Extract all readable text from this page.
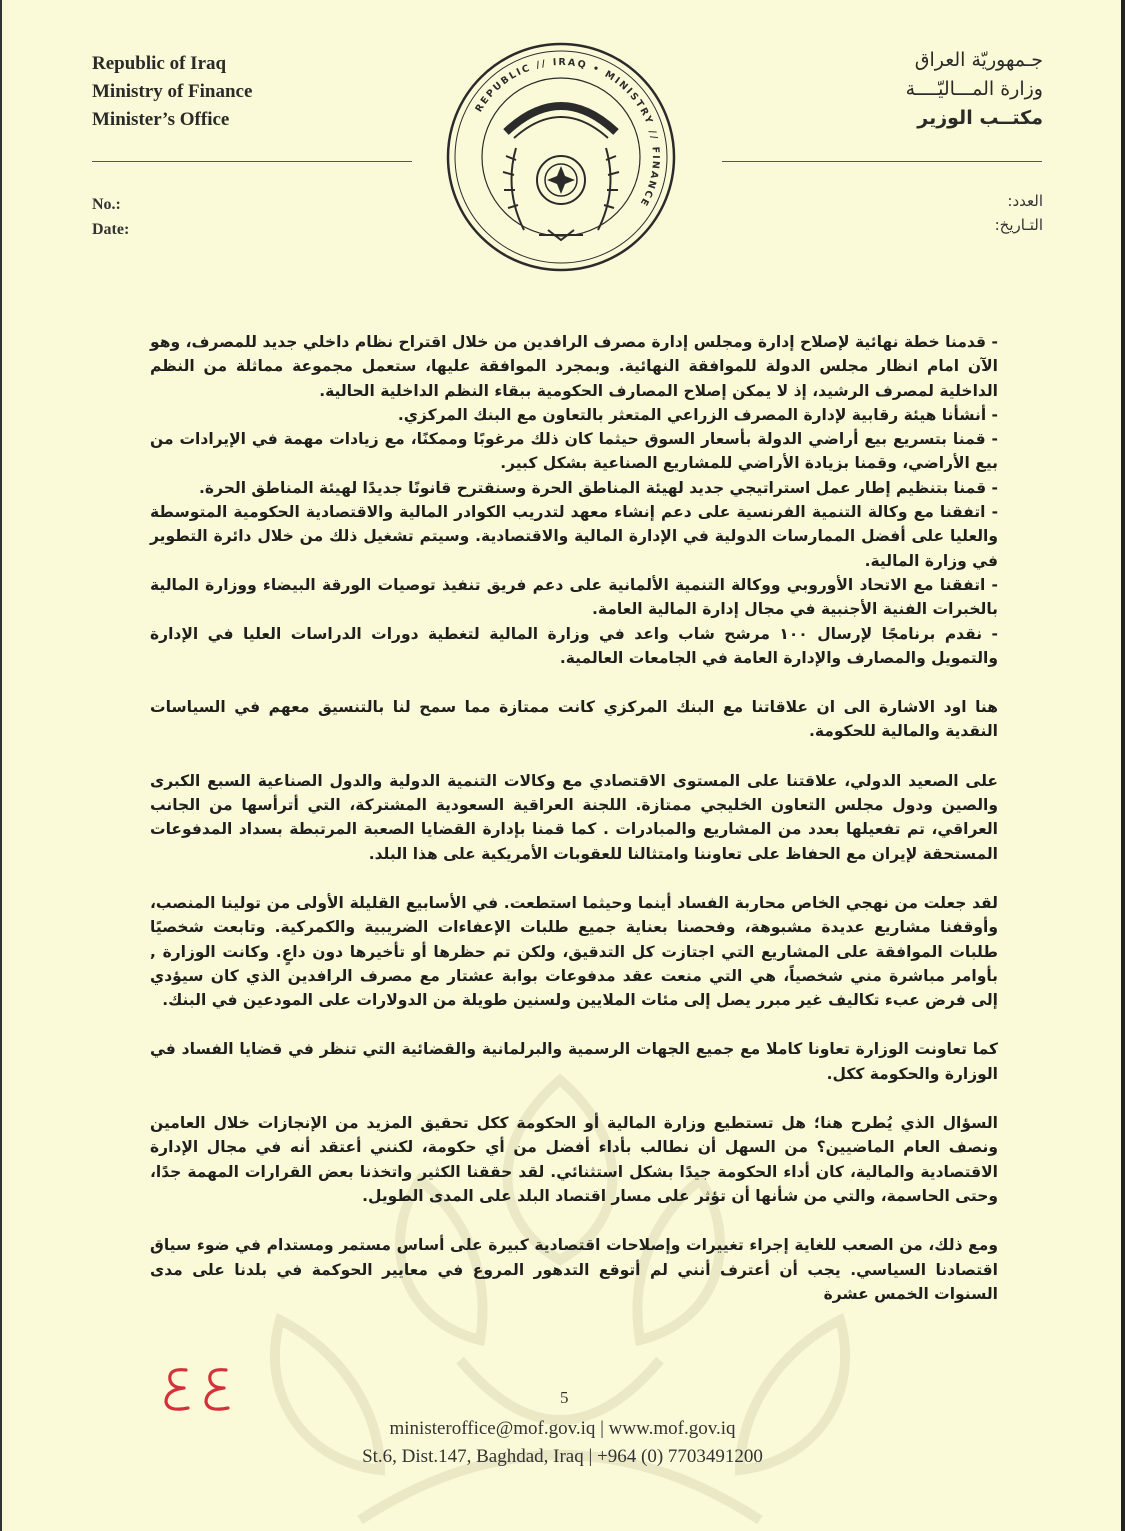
Republic of Iraq
Ministry of Finance
Minister’s Office
جـمهوريّة العراق
وزارة المـــاليّــــة
مكتــب الوزير
REPUBLIC // IRAQ • MINISTRY // FINANCE
No.:
Date:
العدد:
التـاريخ:

- قدمنا خطة نهائية لإصلاح إدارة ومجلس إدارة مصرف الرافدين من خلال اقتراح نظام داخلي جديد للمصرف، وهو الآن امام انظار مجلس الدولة للموافقة النهائية. وبمجرد الموافقة عليها، ستعمل مجموعة مماثلة من النظم الداخلية لمصرف الرشيد، إذ لا يمكن إصلاح المصارف الحكومية ببقاء النظم الداخلية الحالية.

- أنشأنا هيئة رقابية لإدارة المصرف الزراعي المتعثر بالتعاون مع البنك المركزي.

- قمنا بتسريع بيع أراضي الدولة بأسعار السوق حيثما كان ذلك مرغوبًا وممكنًا، مع زيادات مهمة في الإيرادات من بيع الأراضي، وقمنا بزيادة الأراضي للمشاريع الصناعية بشكل كبير.

- قمنا بتنظيم إطار عمل استراتيجي جديد لهيئة المناطق الحرة وسنقترح قانونًا جديدًا لهيئة المناطق الحرة.

- اتفقنا مع وكالة التنمية الفرنسية على دعم إنشاء معهد لتدريب الكوادر المالية والاقتصادية الحكومية المتوسطة والعليا على أفضل الممارسات الدولية في الإدارة المالية والاقتصادية. وسيتم تشغيل ذلك من خلال دائرة التطوير في وزارة المالية.

- اتفقنا مع الاتحاد الأوروبي ووكالة التنمية الألمانية على دعم فريق تنفيذ توصيات الورقة البيضاء ووزارة المالية بالخبرات الفنية الأجنبية في مجال إدارة المالية العامة.

- نقدم برنامجًا لإرسال ١٠٠ مرشح شاب واعد في وزارة المالية لتغطية دورات الدراسات العليا في الإدارة والتمويل والمصارف والإدارة العامة في الجامعات العالمية.

هنا اود الاشارة الى ان علاقاتنا مع البنك المركزي كانت ممتازة مما سمح لنا بالتنسيق معهم في السياسات النقدية والمالية للحكومة.

على الصعيد الدولي، علاقتنا على المستوى الاقتصادي مع وكالات التنمية الدولية والدول الصناعية السبع الكبرى والصين ودول مجلس التعاون الخليجي ممتازة. اللجنة العراقية السعودية المشتركة، التي أترأسها من الجانب العراقي، تم تفعيلها بعدد من المشاريع والمبادرات . كما قمنا بإدارة القضايا الصعبة المرتبطة بسداد المدفوعات المستحقة لإيران مع الحفاظ على تعاوننا وامتثالنا للعقوبات الأمريكية على هذا البلد.

لقد جعلت من نهجي الخاص محاربة الفساد أينما وحيثما استطعت. في الأسابيع القليلة الأولى من تولينا المنصب، وأوقفنا مشاريع عديدة مشبوهة، وفحصنا بعناية جميع طلبات الإعفاءات الضريبية والكمركية. وتابعت شخصيًا طلبات الموافقة على المشاريع التي اجتازت كل التدقيق، ولكن تم حظرها أو تأخيرها دون داعٍ. وكانت الوزارة , بأوامر مباشرة مني شخصياً، هي التي منعت عقد مدفوعات بوابة عشتار مع مصرف الرافدين الذي كان سيؤدي إلى فرض عبء تكاليف غير مبرر يصل إلى مئات الملايين ولسنين طويلة من الدولارات على المودعين في البنك.

كما تعاونت الوزارة تعاونا كاملا مع جميع الجهات الرسمية والبرلمانية والقضائية التي تنظر في قضايا الفساد في الوزارة والحكومة ككل.

السؤال الذي يُطرح هنا؛ هل تستطيع وزارة المالية أو الحكومة ككل تحقيق المزيد من الإنجازات خلال العامين ونصف العام الماضيين؟ من السهل أن نطالب بأداء أفضل من أي حكومة، لكنني أعتقد أنه في مجال الإدارة الاقتصادية والمالية، كان أداء الحكومة جيدًا بشكل استثنائي. لقد حققنا الكثير واتخذنا بعض القرارات المهمة جدًا، وحتى الحاسمة، والتي من شأنها أن تؤثر على مسار اقتصاد البلد على المدى الطويل.

ومع ذلك، من الصعب للغاية إجراء تغييرات وإصلاحات اقتصادية كبيرة على أساس مستمر ومستدام في ضوء سياق اقتصادنا السياسي. يجب أن أعترف أنني لم أتوقع التدهور المروع في معايير الحوكمة في بلدنا على مدى السنوات الخمس عشرة

5
ministeroffice@mof.gov.iq | www.mof.gov.iq
St.6, Dist.147, Baghdad, Iraq | +964 (0) 7703491200
